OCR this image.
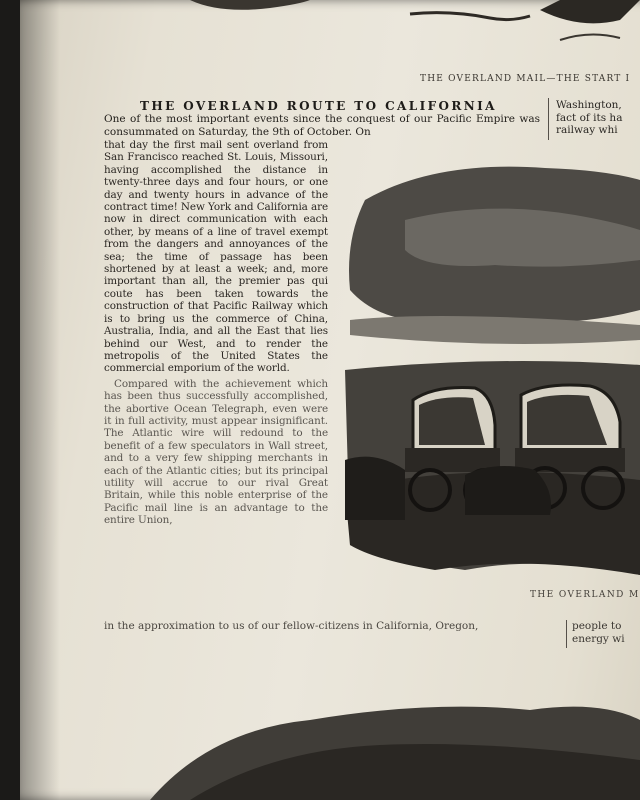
THE OVERLAND MAIL—THE START I
THE OVERLAND ROUTE TO CALIFORNIA	Washington,
fact of its ha
railway whi
One of the most important events since the conquest of our Pacific Empire was consummated on Saturday, the 9th of October. On

that day the first mail sent overland from San Francisco reached St. Louis, Missouri, having accomplished the distance in twenty-three days and four hours, or one day and twenty hours in advance of the contract time! New York and California are now in direct communication with each other, by means of a line of travel exempt from the dangers and annoyances of the sea; the time of passage has been shortened by at least a week; and, more important than all, the premier pas qui coute has been taken towards the construction of that Pacific Railway which is to bring us the commerce of China, Australia, India, and all the East that lies behind our West, and to render the metropolis of the United States the commercial emporium of the world.

Compared with the achievement which has been thus successfully accomplished, the abortive Ocean Telegraph, even were it in full activity, must appear insignificant. The Atlantic wire will redound to the benefit of a few speculators in Wall street, and to a very few shipping merchants in each of the Atlantic cities; but its principal utility will accrue to our rival Great Britain, while this noble enterprise of the Pacific mail line is an advantage to the entire Union,

in the approximation to us of our fellow-citizens in California, Oregon,	people to
energy wi
THE OVERLAND M
